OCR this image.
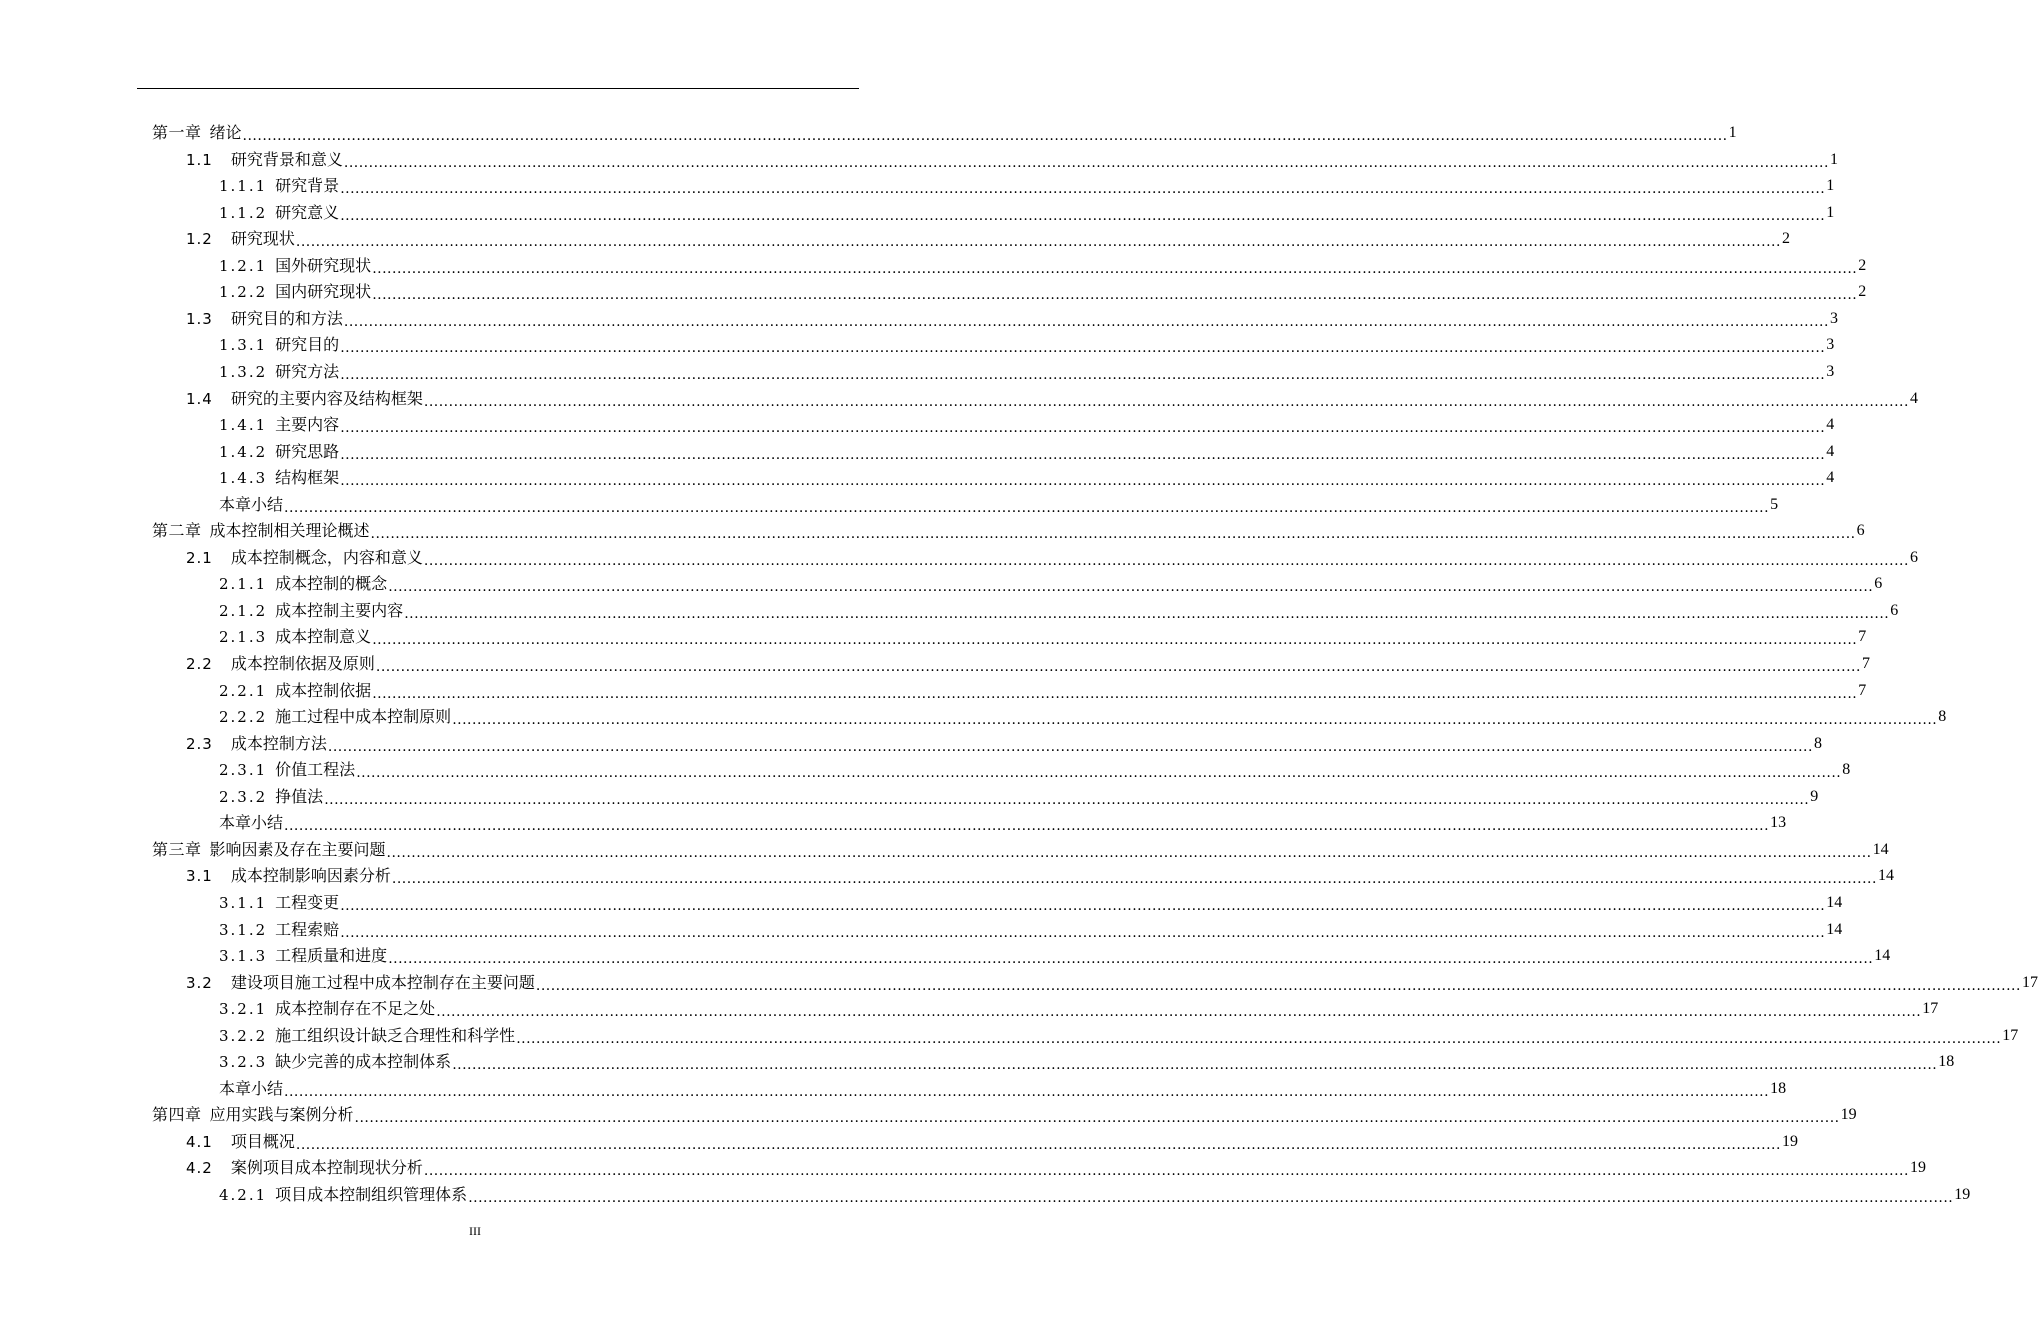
第一章 绪论 ............................................................................................................................................................................................................................................................................................................ 1
1.1 研究背景和意义 ............................................................................................................................................................................................................................................................................................................ 1
1.1.1 研究背景 ............................................................................................................................................................................................................................................................................................................ 1
1.1.2 研究意义 ............................................................................................................................................................................................................................................................................................................ 1
1.2 研究现状 ............................................................................................................................................................................................................................................................................................................ 2
1.2.1 国外研究现状 ............................................................................................................................................................................................................................................................................................................ 2
1.2.2 国内研究现状 ............................................................................................................................................................................................................................................................................................................ 2
1.3 研究目的和方法 ............................................................................................................................................................................................................................................................................................................ 3
1.3.1 研究目的 ............................................................................................................................................................................................................................................................................................................ 3
1.3.2 研究方法 ............................................................................................................................................................................................................................................................................................................ 3
1.4 研究的主要内容及结构框架 ............................................................................................................................................................................................................................................................................................................ 4
1.4.1 主要内容 ............................................................................................................................................................................................................................................................................................................ 4
1.4.2 研究思路 ............................................................................................................................................................................................................................................................................................................ 4
1.4.3 结构框架 ............................................................................................................................................................................................................................................................................................................ 4
本章小结 ............................................................................................................................................................................................................................................................................................................ 5
第二章 成本控制相关理论概述 ............................................................................................................................................................................................................................................................................................................ 6
2.1 成本控制概念，内容和意义 ............................................................................................................................................................................................................................................................................................................ 6
2.1.1 成本控制的概念 ............................................................................................................................................................................................................................................................................................................ 6
2.1.2 成本控制主要内容 ............................................................................................................................................................................................................................................................................................................ 6
2.1.3 成本控制意义 ............................................................................................................................................................................................................................................................................................................ 7
2.2 成本控制依据及原则 ............................................................................................................................................................................................................................................................................................................ 7
2.2.1 成本控制依据 ............................................................................................................................................................................................................................................................................................................ 7
2.2.2 施工过程中成本控制原则 ............................................................................................................................................................................................................................................................................................................ 8
2.3 成本控制方法 ............................................................................................................................................................................................................................................................................................................ 8
2.3.1 价值工程法 ............................................................................................................................................................................................................................................................................................................ 8
2.3.2 挣值法 ............................................................................................................................................................................................................................................................................................................ 9
本章小结 ............................................................................................................................................................................................................................................................................................................ 13
第三章 影响因素及存在主要问题 ............................................................................................................................................................................................................................................................................................................ 14
3.1 成本控制影响因素分析 ............................................................................................................................................................................................................................................................................................................ 14
3.1.1 工程变更 ............................................................................................................................................................................................................................................................................................................ 14
3.1.2 工程索赔 ............................................................................................................................................................................................................................................................................................................ 14
3.1.3 工程质量和进度 ............................................................................................................................................................................................................................................................................................................ 14
3.2 建设项目施工过程中成本控制存在主要问题 ............................................................................................................................................................................................................................................................................................................ 17
3.2.1 成本控制存在不足之处 ............................................................................................................................................................................................................................................................................................................ 17
3.2.2 施工组织设计缺乏合理性和科学性 ............................................................................................................................................................................................................................................................................................................ 17
3.2.3 缺少完善的成本控制体系 ............................................................................................................................................................................................................................................................................................................ 18
本章小结 ............................................................................................................................................................................................................................................................................................................ 18
第四章 应用实践与案例分析 ............................................................................................................................................................................................................................................................................................................ 19
4.1 项目概况 ............................................................................................................................................................................................................................................................................................................ 19
4.2 案例项目成本控制现状分析 ............................................................................................................................................................................................................................................................................................................ 19
4.2.1 项目成本控制组织管理体系 ............................................................................................................................................................................................................................................................................................................ 19
III
